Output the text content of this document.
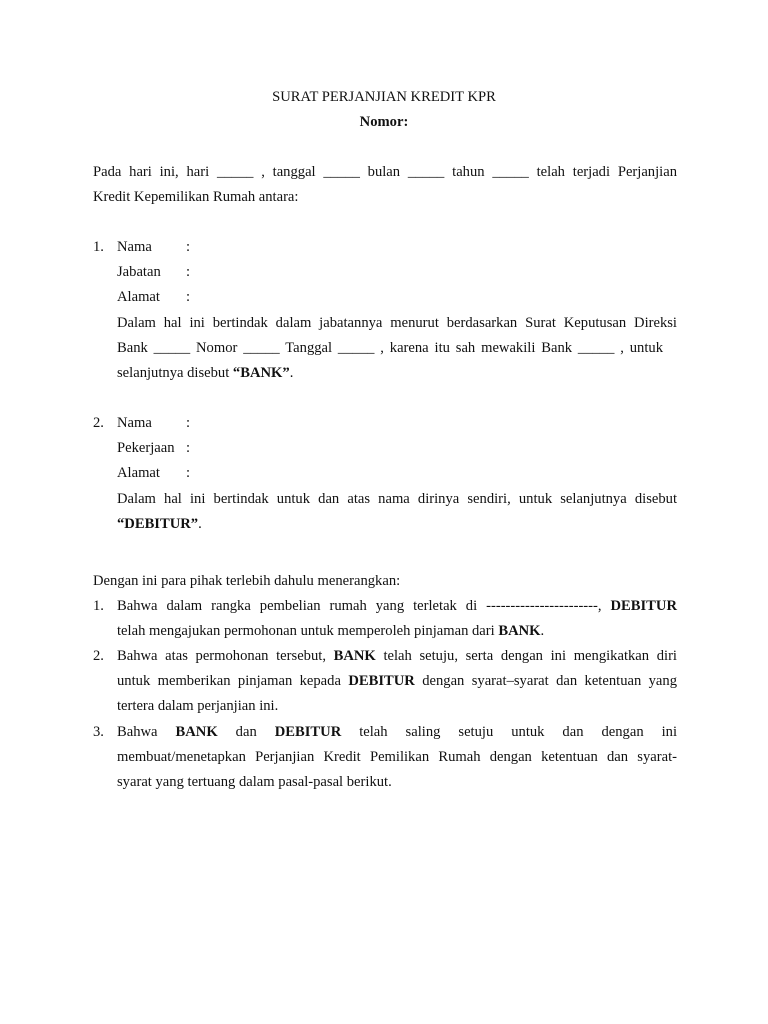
SURAT PERJANJIAN KREDIT KPR
Nomor:
Pada hari ini, hari _____ , tanggal _____ bulan _____ tahun _____ telah terjadi Perjanjian
Kredit Kepemilikan Rumah antara:
1. Nama :
Jabatan :
Alamat :
Dalam hal ini bertindak dalam jabatannya menurut berdasarkan Surat Keputusan Direksi
Bank _____ Nomor _____ Tanggal _____ , karena itu sah mewakili Bank _____ , untuk
selanjutnya disebut “BANK”.
2. Nama :
Pekerjaan :
Alamat :
Dalam hal ini bertindak untuk dan atas nama dirinya sendiri, untuk selanjutnya disebut
“DEBITUR”.
Dengan ini para pihak terlebih dahulu menerangkan:
1. Bahwa dalam rangka pembelian rumah yang terletak di -----------------------, DEBITUR
telah mengajukan permohonan untuk memperoleh pinjaman dari BANK.
2. Bahwa atas permohonan tersebut, BANK telah setuju, serta dengan ini mengikatkan diri
untuk memberikan pinjaman kepada DEBITUR dengan syarat–syarat dan ketentuan yang
tertera dalam perjanjian ini.
3. Bahwa BANK dan DEBITUR telah saling setuju untuk dan dengan ini
membuat/menetapkan Perjanjian Kredit Pemilikan Rumah dengan ketentuan dan syarat-
syarat yang tertuang dalam pasal-pasal berikut.
